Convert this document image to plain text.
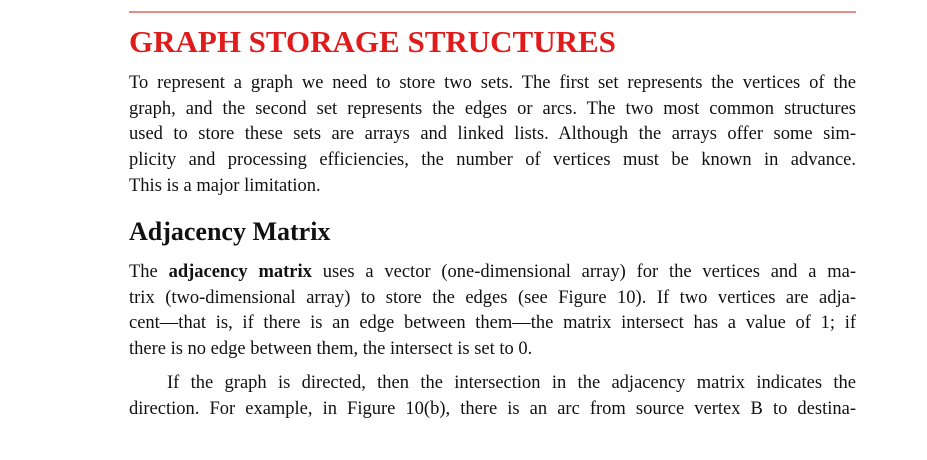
GRAPH STORAGE STRUCTURES

To represent a graph we need to store two sets. The first set represents the vertices of the
graph, and the second set represents the edges or arcs. The two most common structures
used to store these sets are arrays and linked lists. Although the arrays offer some sim-
plicity and processing efficiencies, the number of vertices must be known in advance.
This is a major limitation.

Adjacency Matrix

The adjacency matrix uses a vector (one-dimensional array) for the vertices and a ma-
trix (two-dimensional array) to store the edges (see Figure 10). If two vertices are adja-
cent—that is, if there is an edge between them—the matrix intersect has a value of 1; if
there is no edge between them, the intersect is set to 0.

If the graph is directed, then the intersection in the adjacency matrix indicates the
direction. For example, in Figure 10(b), there is an arc from source vertex B to destina-
